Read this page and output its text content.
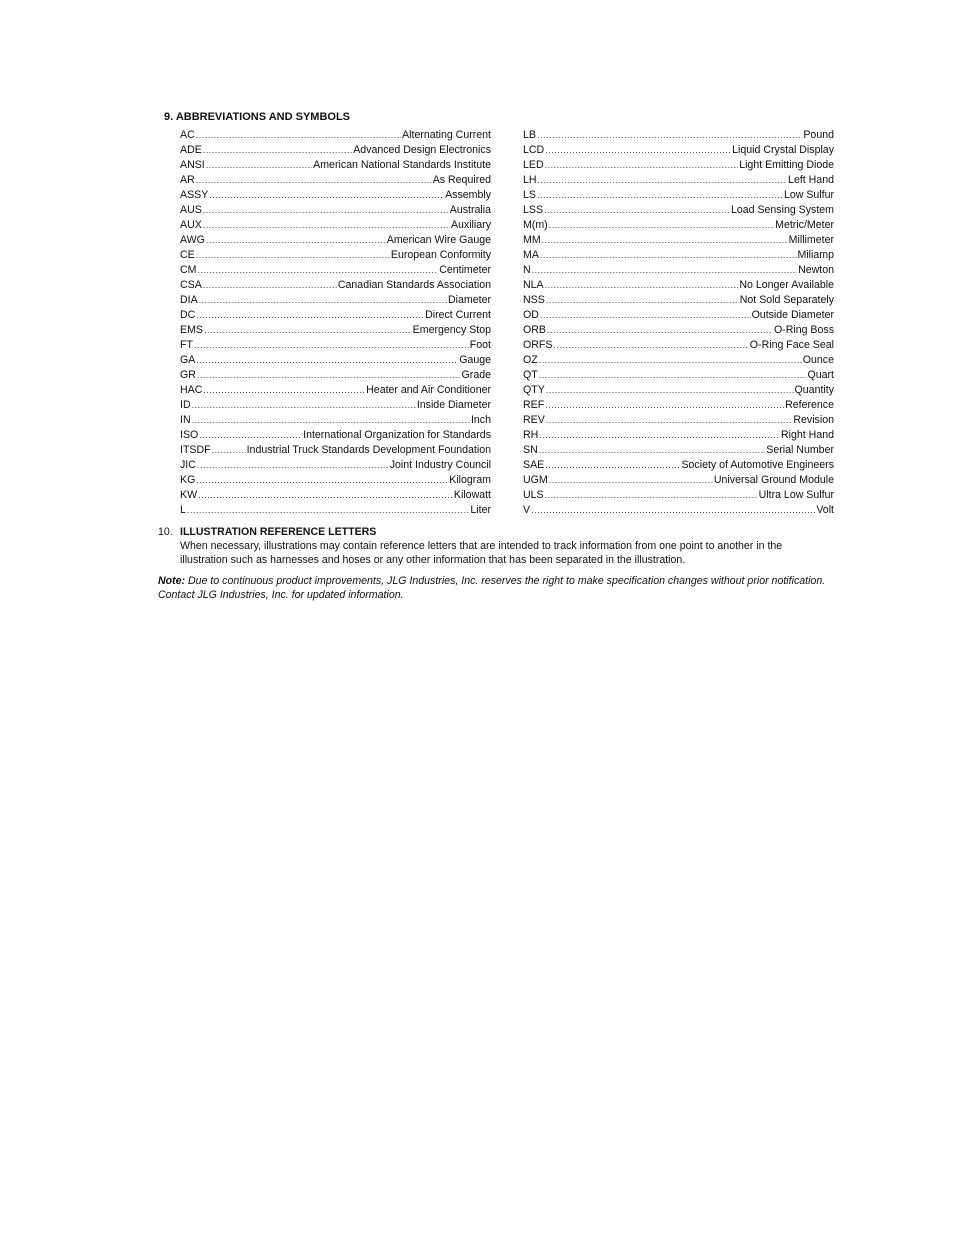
9. ABBREVIATIONS AND SYMBOLS
AC .....	Alternating Current
ADE .....	Advanced Design Electronics
ANSI .....	American National Standards Institute
AR .....	As Required
ASSY .....	Assembly
AUS .....	Australia
AUX .....	Auxiliary
AWG .....	American Wire Gauge
CE .....	European Conformity
CM .....	Centimeter
CSA .....	Canadian Standards Association
DIA .....	Diameter
DC .....	Direct Current
EMS .....	Emergency Stop
FT .....	Foot
GA .....	Gauge
GR .....	Grade
HAC .....	Heater and Air Conditioner
ID .....	Inside Diameter
IN .....	Inch
ISO .....	International Organization for Standards
ITSDF .....	Industrial Truck Standards Development Foundation
JIC .....	Joint Industry Council
KG .....	Kilogram
KW .....	Kilowatt
L .....	Liter
LB .....	Pound
LCD .....	Liquid Crystal Display
LED .....	Light Emitting Diode
LH .....	Left Hand
LS .....	Low Sulfur
LSS .....	Load Sensing System
M(m) .....	Metric/Meter
MM .....	Millimeter
MA .....	Miliamp
N .....	Newton
NLA .....	No Longer Available
NSS .....	Not Sold Separately
OD .....	Outside Diameter
ORB .....	O-Ring Boss
ORFS .....	O-Ring Face Seal
OZ .....	Ounce
QT .....	Quart
QTY .....	Quantity
REF .....	Reference
REV .....	Revision
RH .....	Right Hand
SN .....	Serial Number
SAE .....	Society of Automotive Engineers
UGM .....	Universal Ground Module
ULS .....	Ultra Low Sulfur
V .....	Volt
10. ILLUSTRATION REFERENCE LETTERS
When necessary, illustrations may contain reference letters that are intended to track information from one point to another in the illustration such as harnesses and hoses or any other information that has been separated in the illustration.
Note: Due to continuous product improvements, JLG Industries, Inc. reserves the right to make specification changes without prior notification. Contact JLG Industries, Inc. for updated information.
